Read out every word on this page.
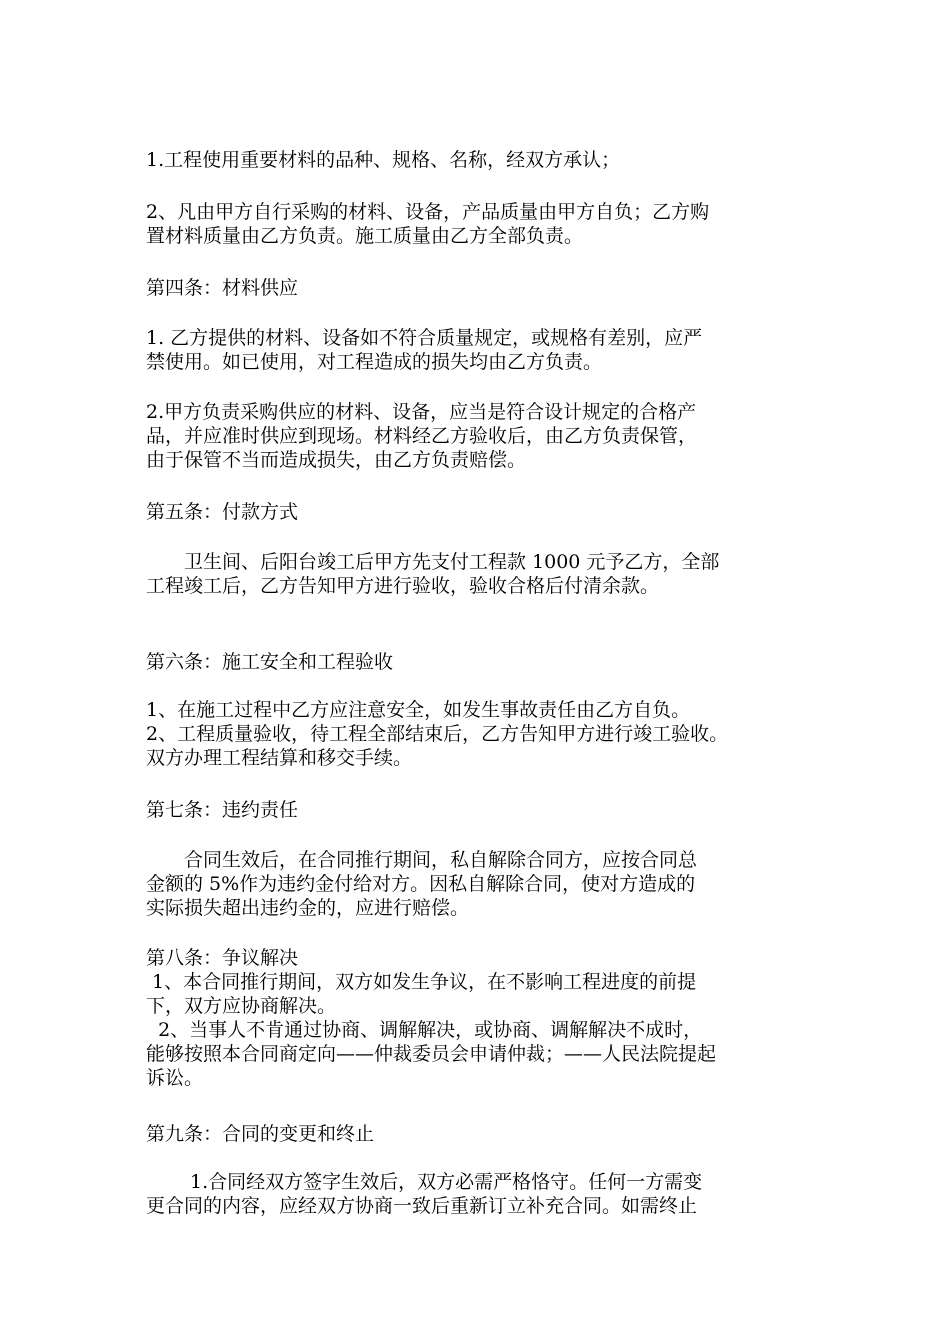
1.工程使用重要材料的品种、规格、名称，经双方承认；
2、凡由甲方自行采购的材料、设备，产品质量由甲方自负；乙方购
置材料质量由乙方负责。施工质量由乙方全部负责。
第四条：材料供应
1. 乙方提供的材料、设备如不符合质量规定，或规格有差别，应严
禁使用。如已使用，对工程造成的损失均由乙方负责。
2.甲方负责采购供应的材料、设备，应当是符合设计规定的合格产
品，并应准时供应到现场。材料经乙方验收后，由乙方负责保管，
由于保管不当而造成损失，由乙方负责赔偿。
第五条：付款方式
　　卫生间、后阳台竣工后甲方先支付工程款 1000 元予乙方，全部
工程竣工后，乙方告知甲方进行验收，验收合格后付清余款。
第六条：施工安全和工程验收
1、在施工过程中乙方应注意安全，如发生事故责任由乙方自负。
2、工程质量验收，待工程全部结束后，乙方告知甲方进行竣工验收。
双方办理工程结算和移交手续。
第七条：违约责任
　　合同生效后，在合同推行期间，私自解除合同方，应按合同总
金额的 5%作为违约金付给对方。因私自解除合同，使对方造成的
实际损失超出违约金的，应进行赔偿。
第八条：争议解决
1、本合同推行期间，双方如发生争议，在不影响工程进度的前提
下，双方应协商解决。
2、当事人不肯通过协商、调解解决，或协商、调解解决不成时，
能够按照本合同商定向——仲裁委员会申请仲裁；——人民法院提起
诉讼。
第九条：合同的变更和终止
　　 1.合同经双方签字生效后，双方必需严格恪守。任何一方需变
更合同的内容，应经双方协商一致后重新订立补充合同。如需终止
